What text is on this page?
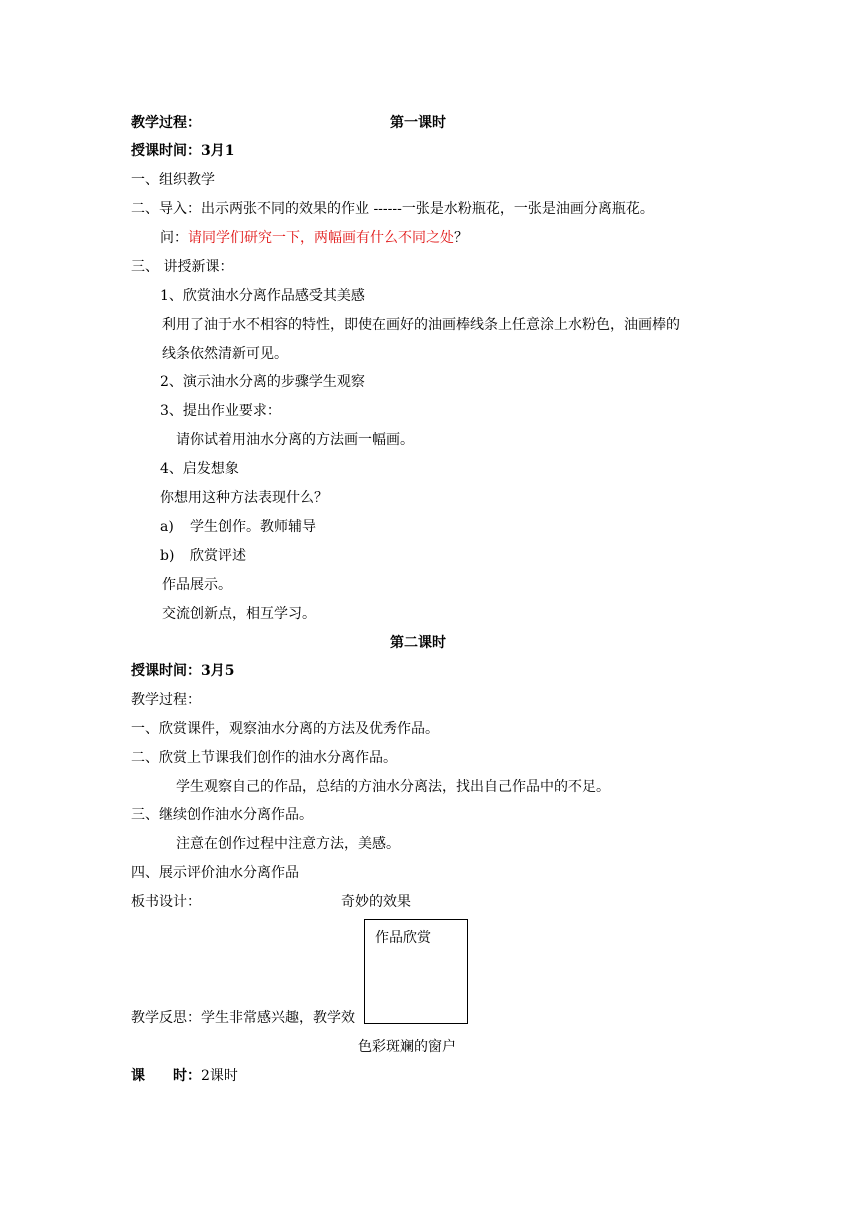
教学过程：	第一课时
授课时间：3月1
一、组织教学
二、导入：出示两张不同的效果的作业 ------一张是水粉瓶花，一张是油画分离瓶花。
问：请同学们研究一下，两幅画有什么不同之处？
三、 讲授新课：
1、欣赏油水分离作品感受其美感
利用了油于水不相容的特性，即使在画好的油画棒线条上任意涂上水粉色，油画棒的
线条依然清新可见。
2、演示油水分离的步骤学生观察
3、提出作业要求：
请你试着用油水分离的方法画一幅画。
4、启发想象
你想用这种方法表现什么？
a) 学生创作。教师辅导
b) 欣赏评述
作品展示。
交流创新点，相互学习。
第二课时
授课时间：3月5
教学过程：
一、欣赏课件，观察油水分离的方法及优秀作品。
二、欣赏上节课我们创作的油水分离作品。
学生观察自己的作品，总结的方油水分离法，找出自己作品中的不足。
三、继续创作油水分离作品。
注意在创作过程中注意方法，美感。
四、展示评价油水分离作品
板书设计：	奇妙的效果
教学反思：学生非常感兴趣，教学效
作品欣赏
色彩斑斓的窗户
课　　时：2课时
